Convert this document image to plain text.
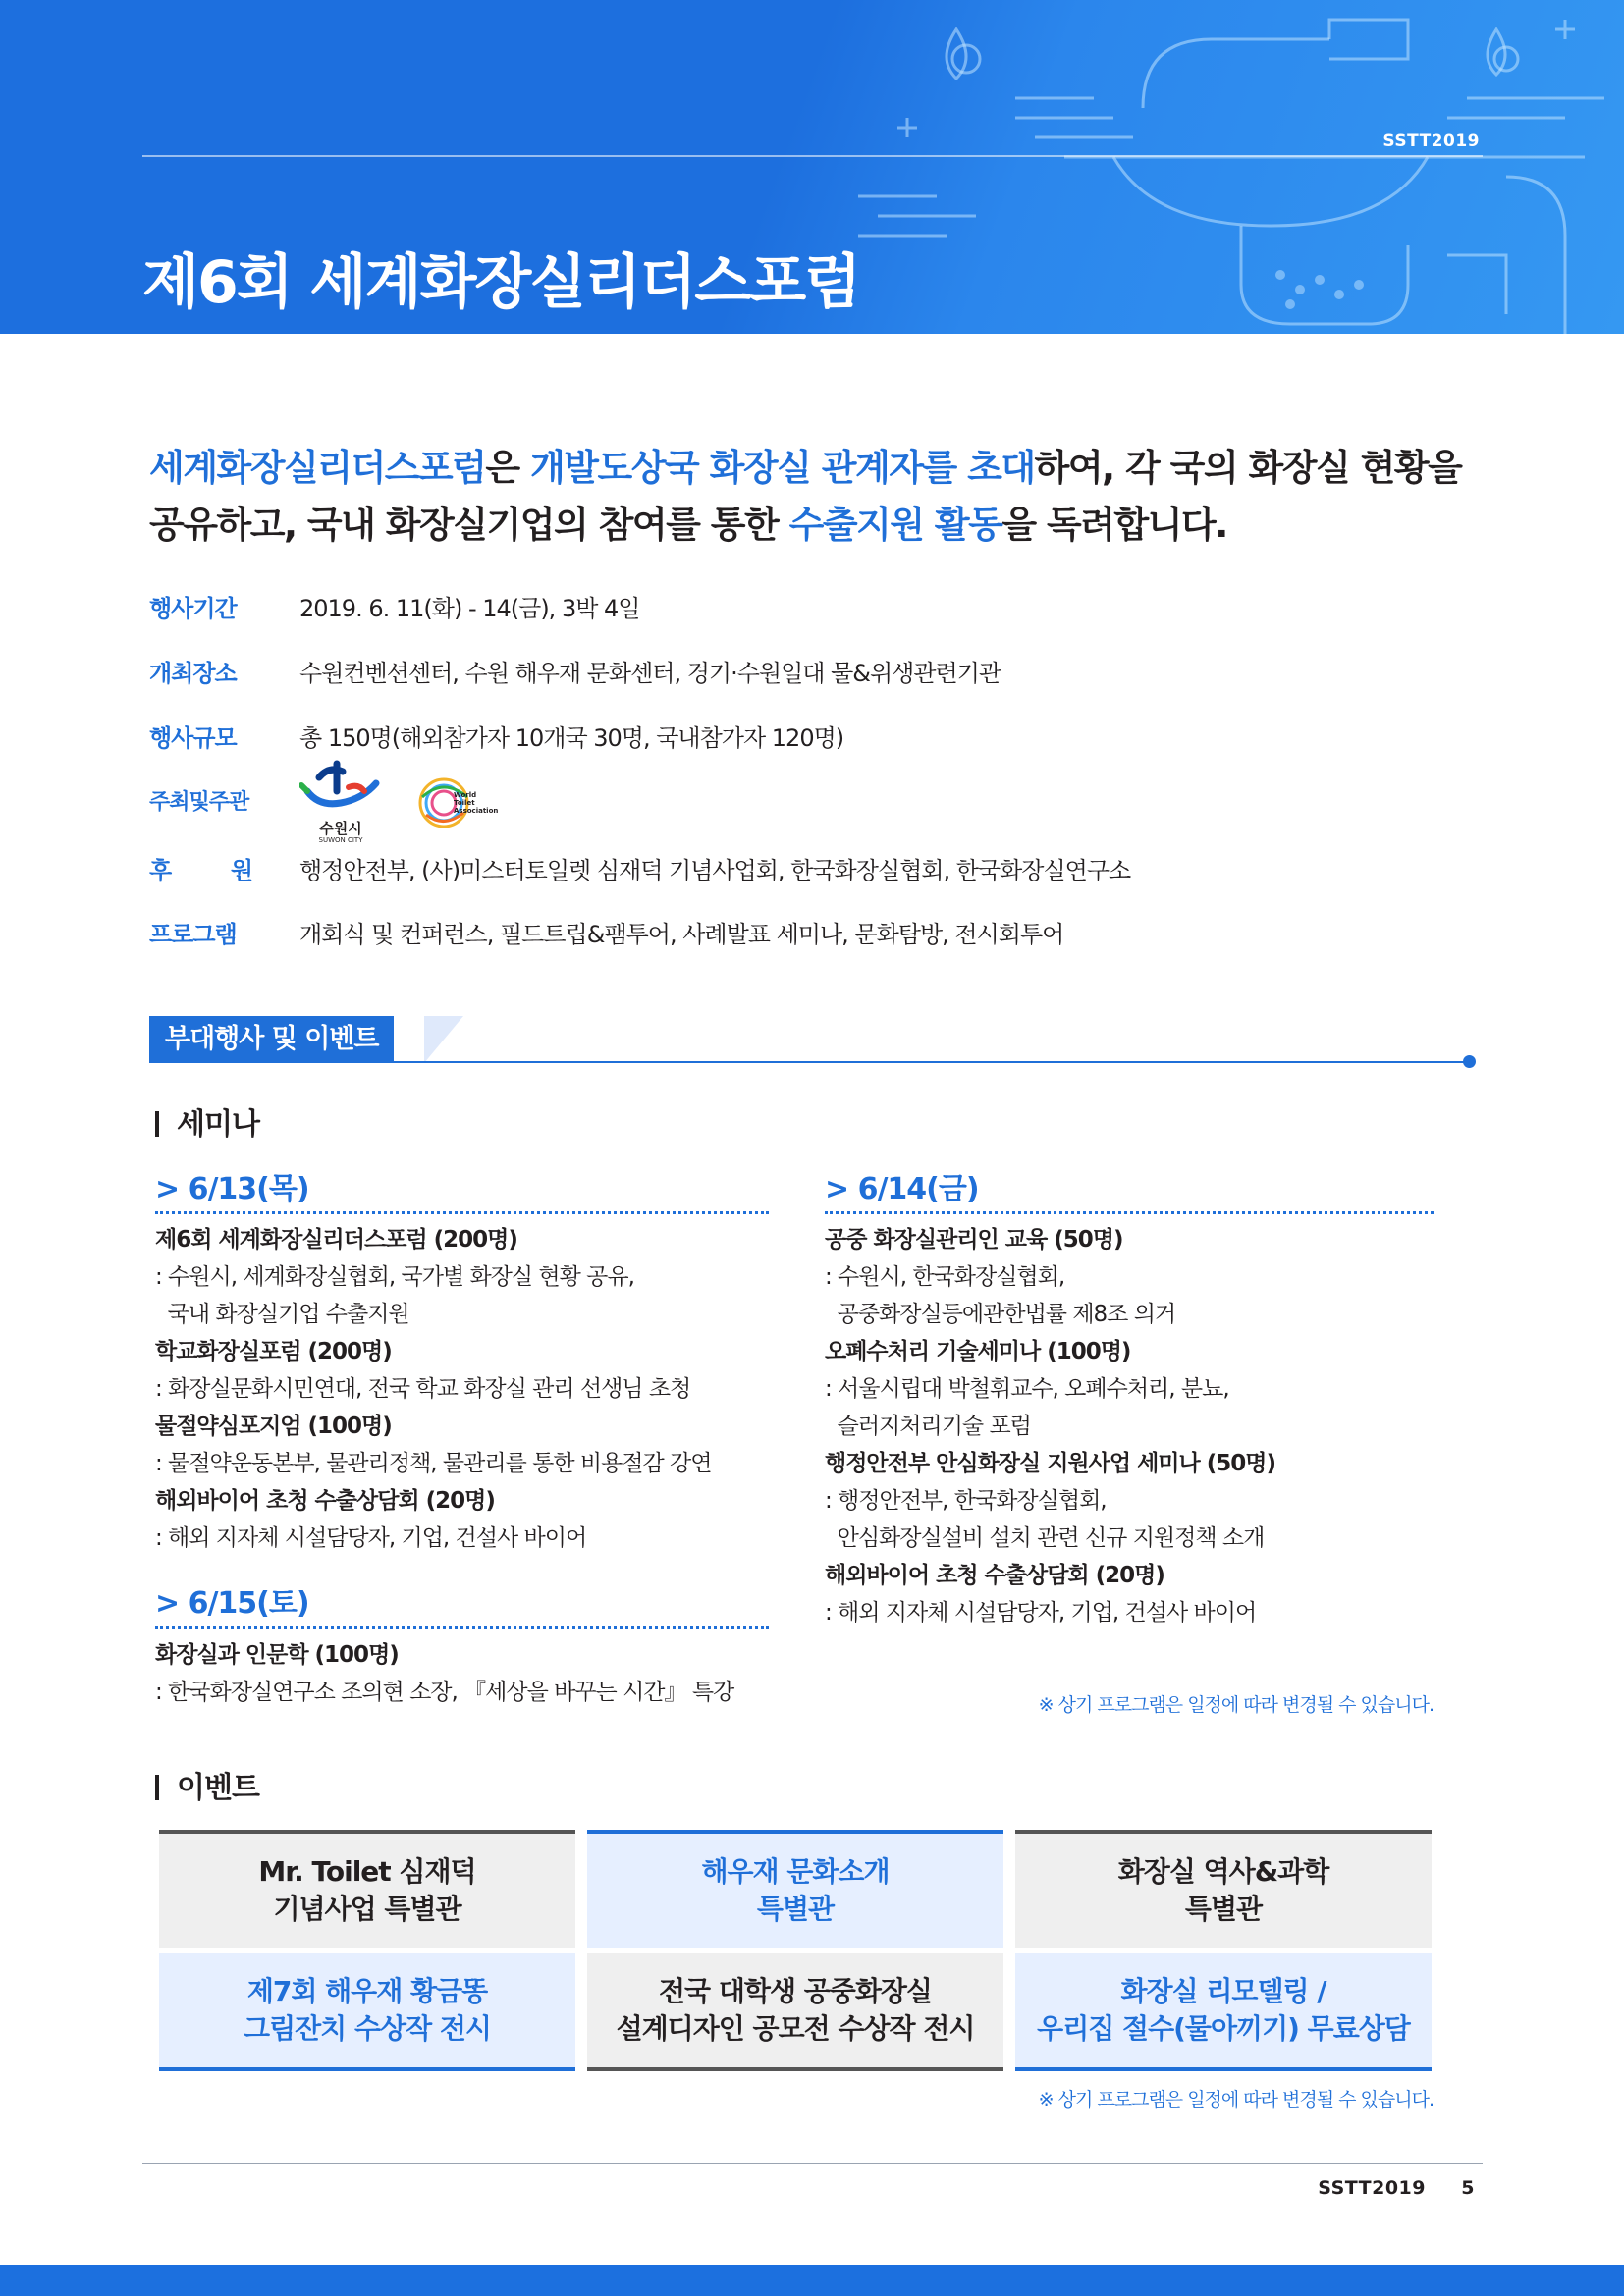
SSTT2019
제6회 세계화장실리더스포럼
세계화장실리더스포럼은 개발도상국 화장실 관계자를 초대하여, 각 국의 화장실 현황을
공유하고, 국내 화장실기업의 참여를 통한 수출지원 활동을 독려합니다.
행사기간	2019. 6. 11(화) - 14(금), 3박 4일
개최장소	수원컨벤션센터, 수원 해우재 문화센터, 경기·수원일대 물&위생관련기관
행사규모	총 150명(해외참가자 10개국 30명, 국내참가자 120명)
주최및주관
수원시
SUWON CITY
World Toilet Association
후	원 행정안전부, (사)미스터토일렛 심재덕 기념사업회, 한국화장실협회, 한국화장실연구소
프로그램	개회식 및 컨퍼런스, 필드트립&팸투어, 사례발표 세미나, 문화탐방, 전시회투어
부대행사 및 이벤트
세미나
> 6/13(목)
제6회 세계화장실리더스포럼 (200명)
: 수원시, 세계화장실협회, 국가별 화장실 현황 공유,
국내 화장실기업 수출지원
학교화장실포럼 (200명)
: 화장실문화시민연대, 전국 학교 화장실 관리 선생님 초청
물절약심포지엄 (100명)
: 물절약운동본부, 물관리정책, 물관리를 통한 비용절감 강연
해외바이어 초청 수출상담회 (20명)
: 해외 지자체 시설담당자, 기업, 건설사 바이어
> 6/15(토)
화장실과 인문학 (100명)
: 한국화장실연구소 조의현 소장, 『세상을 바꾸는 시간』 특강
> 6/14(금)
공중 화장실관리인 교육 (50명)
: 수원시, 한국화장실협회,
공중화장실등에관한법률 제8조 의거
오폐수처리 기술세미나 (100명)
: 서울시립대 박철휘교수, 오폐수처리, 분뇨,
슬러지처리기술 포럼
행정안전부 안심화장실 지원사업 세미나 (50명)
: 행정안전부, 한국화장실협회,
안심화장실설비 설치 관련 신규 지원정책 소개
해외바이어 초청 수출상담회 (20명)
: 해외 지자체 시설담당자, 기업, 건설사 바이어
※ 상기 프로그램은 일정에 따라 변경될 수 있습니다.
이벤트
Mr. Toilet 심재덕
기념사업 특별관
해우재 문화소개
특별관
화장실 역사&과학
특별관
제7회 해우재 황금똥
그림잔치 수상작 전시
전국 대학생 공중화장실
설계디자인 공모전 수상작 전시
화장실 리모델링 /
우리집 절수(물아끼기) 무료상담
※ 상기 프로그램은 일정에 따라 변경될 수 있습니다.
SSTT2019 5
